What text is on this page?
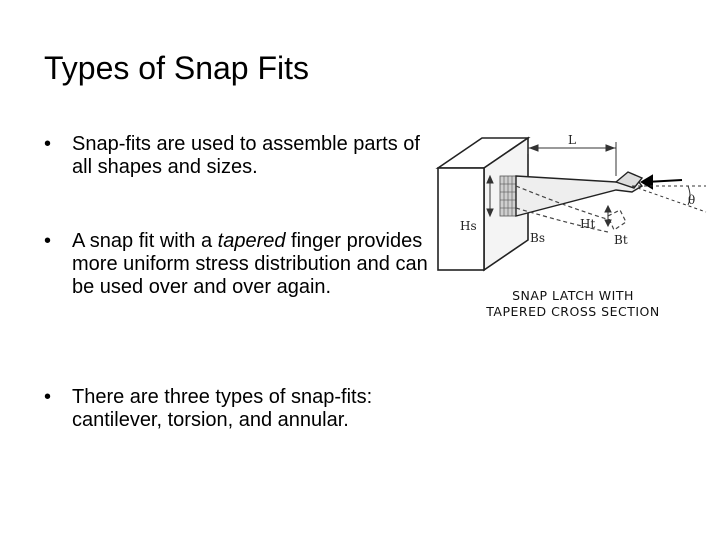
Types of Snap Fits
• Snap-fits are used to assemble parts of all shapes and sizes.
• A snap fit with a tapered finger provides more uniform stress distribution and can be used over and over again.
• There are three types of snap-fits: cantilever, torsion, and annular.
L
θ
Hs	Ht
Bs	Bt
SNAP LATCH WITH
TAPERED CROSS SECTION
